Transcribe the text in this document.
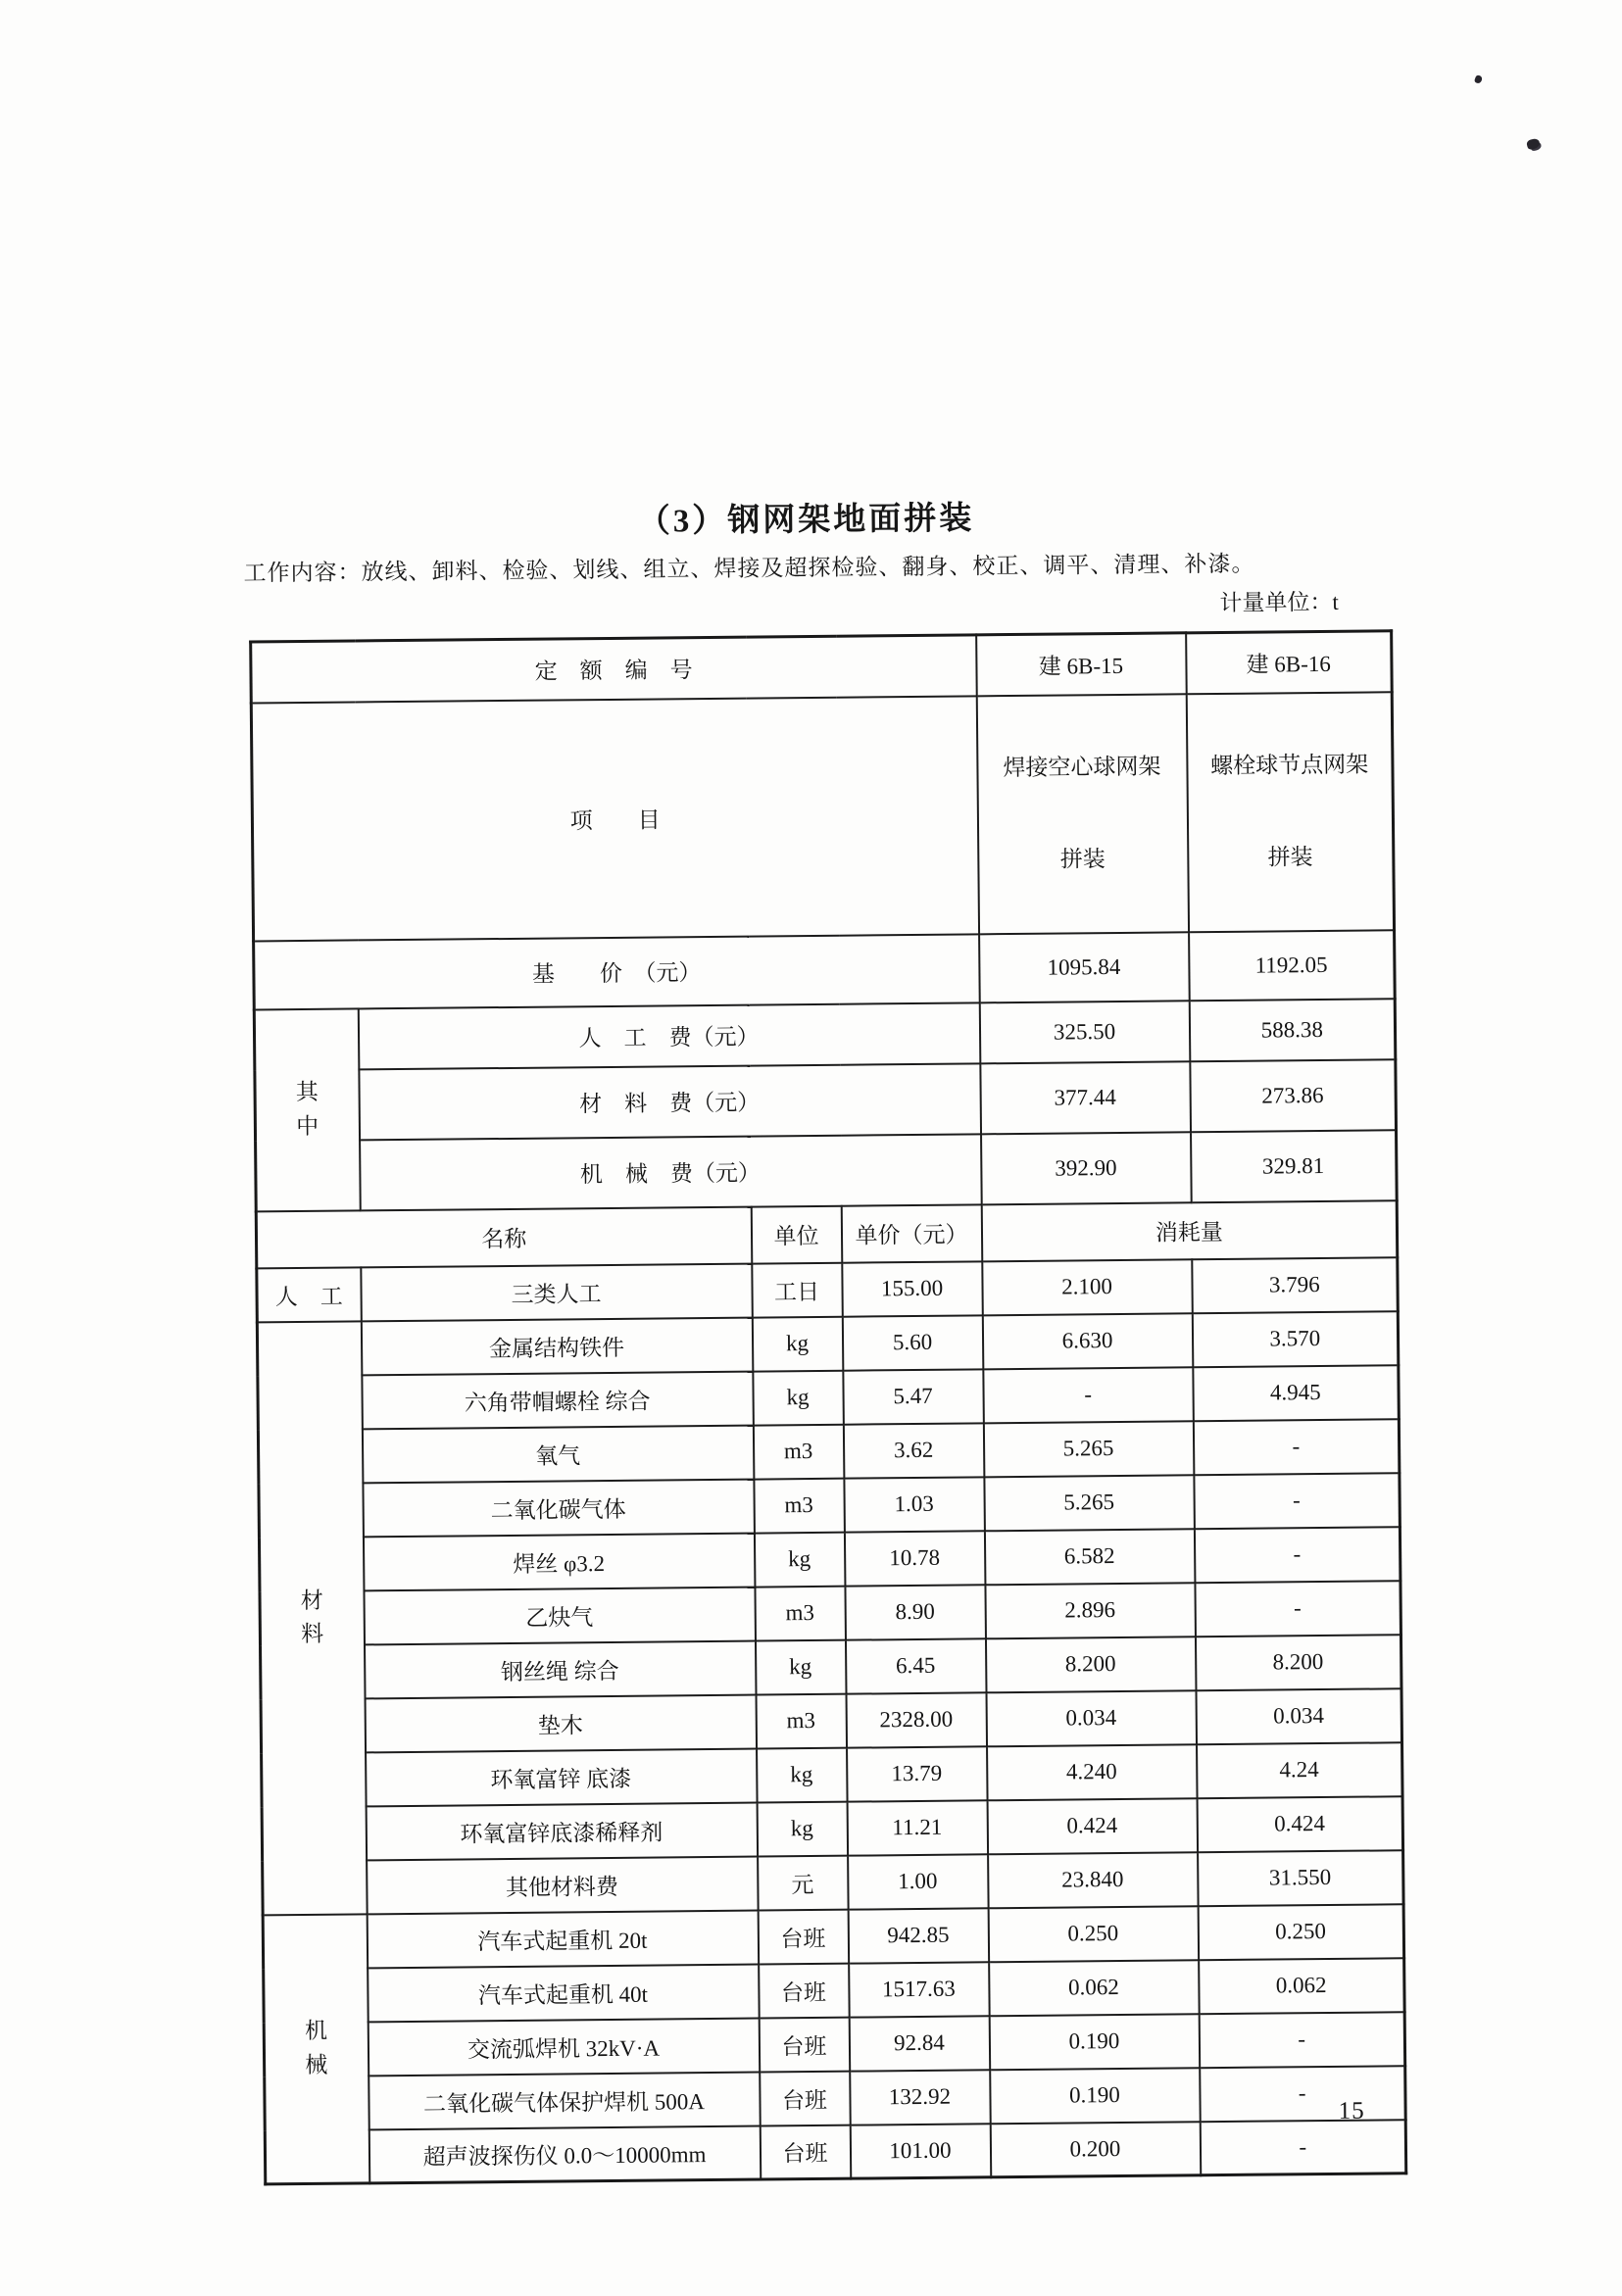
（3）钢网架地面拼装
工作内容：放线、卸料、检验、划线、组立、焊接及超探检验、翻身、校正、调平、清理、补漆。
计量单位：t
定　额　编　号				建 6B-15	建 6B-16
项　　目	

焊接空心球网架

拼装

螺栓球节点网架

拼装

基　　价　（元）				1095.84	1192.05

其中	人　工　费（元）			325.50	588.38
	材　料　费（元）			377.44	273.86
	机　械　费（元）			392.90	329.81
名称		单位	单价（元）	消耗量	
人　工	三类人工	工日	155.00	2.100	3.796

材料	金属结构铁件	kg	5.60	6.630	3.570
	六角带帽螺栓 综合	kg	5.47	-	4.945
	氧气	m3	3.62	5.265	-
	二氧化碳气体	m3	1.03	5.265	-
	焊丝 φ3.2	kg	10.78	6.582	-
	乙炔气	m3	8.90	2.896	-
	钢丝绳 综合	kg	6.45	8.200	8.200
	垫木	m3	2328.00	0.034	0.034
	环氧富锌 底漆	kg	13.79	4.240	4.24
	环氧富锌底漆稀释剂	kg	11.21	0.424	0.424
	其他材料费	元	1.00	23.840	31.550

机械	汽车式起重机 20t	台班	942.85	0.250	0.250
	汽车式起重机 40t	台班	1517.63	0.062	0.062
	交流弧焊机 32kV·A	台班	92.84	0.190	-
	二氧化碳气体保护焊机 500A	台班	132.92	0.190	-
	超声波探伤仪 0.0～10000mm	台班	101.00	0.200	-
15
